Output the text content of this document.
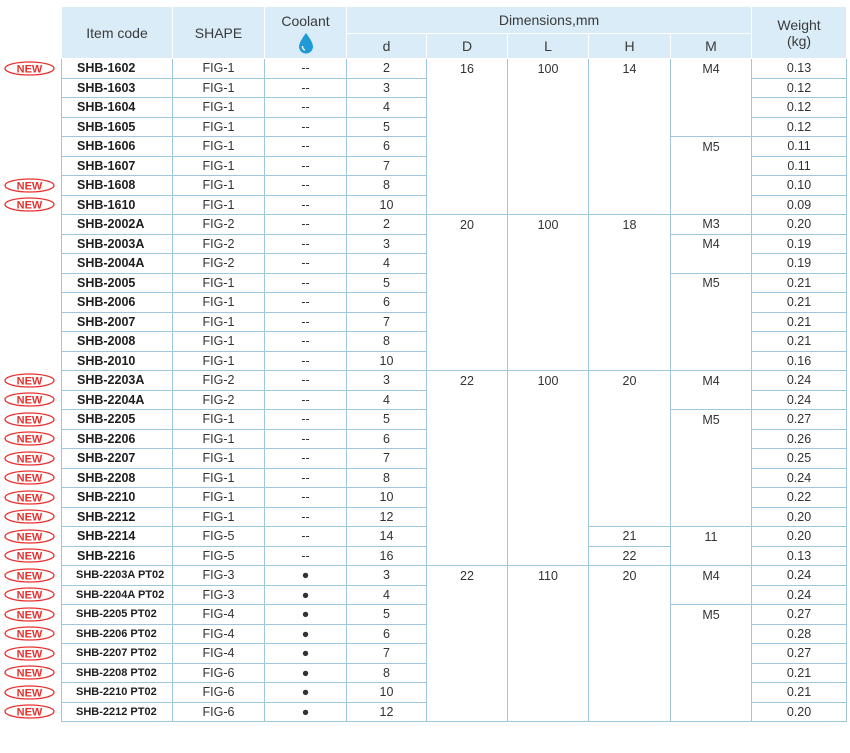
Item code	SHAPE	Coolant	Dimensions,mm					Weight
(kg)

			d	D	L	H	M	
SHB-1602	FIG-1	--	2	16	100	14	M4	0.13
SHB-1603	FIG-1	--	3					0.12
SHB-1604	FIG-1	--	4					0.12
SHB-1605	FIG-1	--	5					0.12
SHB-1606	FIG-1	--	6				M5	0.11
SHB-1607	FIG-1	--	7					0.11
SHB-1608	FIG-1	--	8					0.10
SHB-1610	FIG-1	--	10					0.09
SHB-2002A	FIG-2	--	2	20	100	18	M3	0.20
SHB-2003A	FIG-2	--	3				M4	0.19
SHB-2004A	FIG-2	--	4					0.19
SHB-2005	FIG-1	--	5				M5	0.21
SHB-2006	FIG-1	--	6					0.21
SHB-2007	FIG-1	--	7					0.21
SHB-2008	FIG-1	--	8					0.21
SHB-2010	FIG-1	--	10					0.16
SHB-2203A	FIG-2	--	3	22	100	20	M4	0.24
SHB-2204A	FIG-2	--	4					0.24
SHB-2205	FIG-1	--	5				M5	0.27
SHB-2206	FIG-1	--	6					0.26
SHB-2207	FIG-1	--	7					0.25
SHB-2208	FIG-1	--	8					0.24
SHB-2210	FIG-1	--	10					0.22
SHB-2212	FIG-1	--	12					0.20
SHB-2214	FIG-5	--	14			21	11	0.20
SHB-2216	FIG-5	--	16			22		0.13
SHB-2203A PT02	FIG-3	●	3	22	110	20	M4	0.24
SHB-2204A PT02	FIG-3	●	4					0.24
SHB-2205 PT02	FIG-4	●	5				M5	0.27
SHB-2206 PT02	FIG-4	●	6					0.28
SHB-2207 PT02	FIG-4	●	7					0.27
SHB-2208 PT02	FIG-6	●	8					0.21
SHB-2210 PT02	FIG-6	●	10					0.21
SHB-2212 PT02	FIG-6	●	12					0.20
NEW
NEW
NEW
NEW
NEW
NEW
NEW
NEW
NEW
NEW
NEW
NEW
NEW
NEW
NEW
NEW
NEW
NEW
NEW
NEW
NEW
